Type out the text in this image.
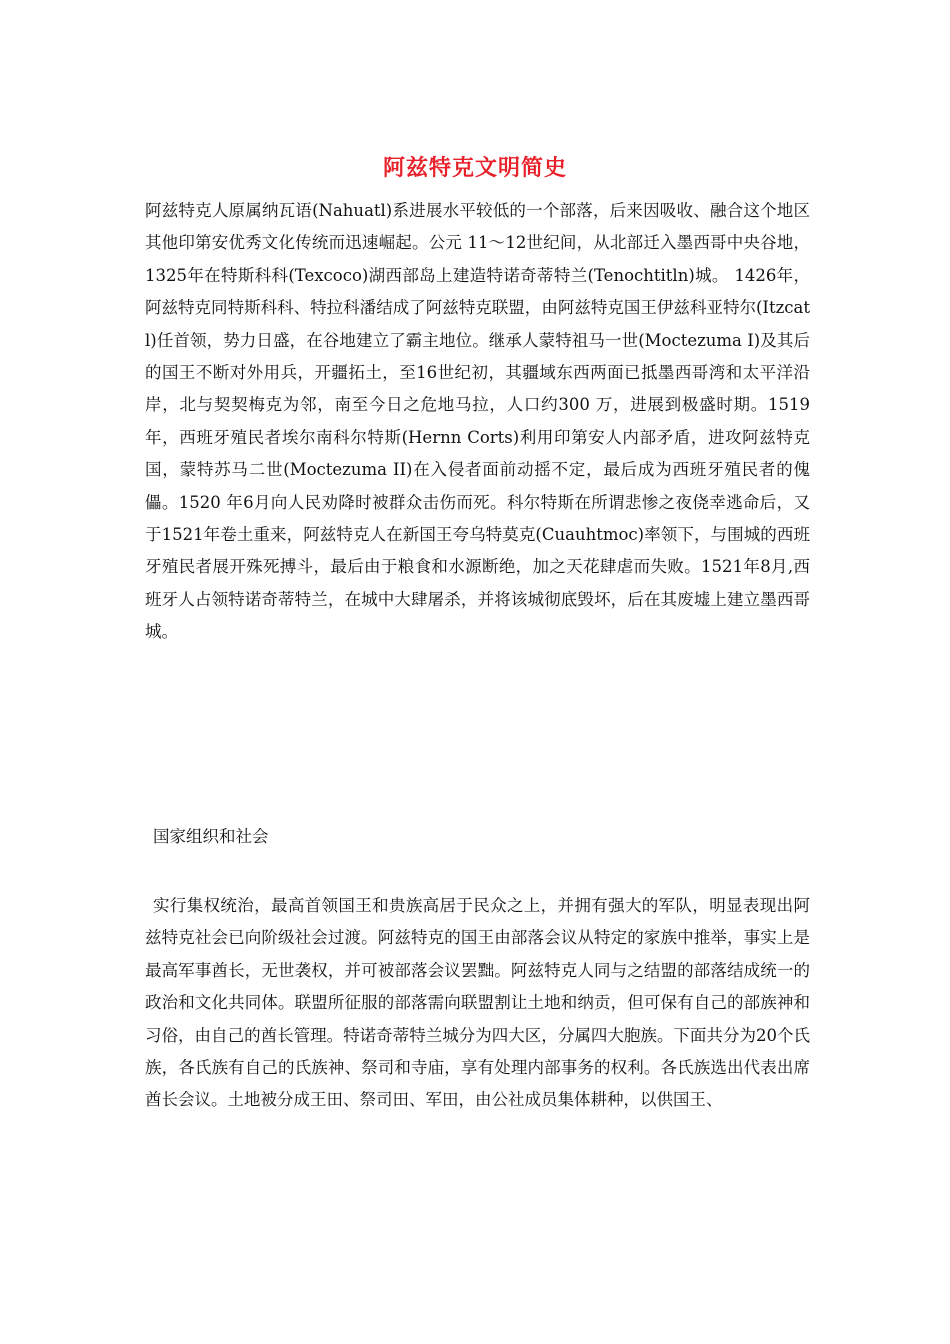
阿兹特克文明简史
阿兹特克人原属纳瓦语(Nahuatl)系进展水平较低的一个部落，后来因吸收、融合这个地区其他印第安优秀文化传统而迅速崛起。公元 11～12世纪间，从北部迁入墨西哥中央谷地，1325年在特斯科科(Texcoco)湖西部岛上建造特诺奇蒂特兰(Tenochtitln)城。 1426年，阿兹特克同特斯科科、特拉科潘结成了阿兹特克联盟，由阿兹特克国王伊兹科亚特尔(Itzcatl)任首领，势力日盛，在谷地建立了霸主地位。继承人蒙特祖马一世(Moctezuma I)及其后的国王不断对外用兵，开疆拓土，至16世纪初，其疆域东西两面已抵墨西哥湾和太平洋沿岸，北与契契梅克为邻，南至今日之危地马拉，人口约300 万，进展到极盛时期。1519年，西班牙殖民者埃尔南科尔特斯(Hernn Corts)利用印第安人内部矛盾，进攻阿兹特克国，蒙特苏马二世(Moctezuma II)在入侵者面前动摇不定，最后成为西班牙殖民者的傀儡。1520 年6月向人民劝降时被群众击伤而死。科尔特斯在所谓悲惨之夜侥幸逃命后，又于1521年卷土重来，阿兹特克人在新国王夸乌特莫克(Cuauhtmoc)率领下，与围城的西班牙殖民者展开殊死搏斗，最后由于粮食和水源断绝，加之天花肆虐而失败。1521年8月,西班牙人占领特诺奇蒂特兰，在城中大肆屠杀，并将该城彻底毁坏，后在其废墟上建立墨西哥城。
国家组织和社会
实行集权统治，最高首领国王和贵族高居于民众之上，并拥有强大的军队，明显表现出阿兹特克社会已向阶级社会过渡。阿兹特克的国王由部落会议从特定的家族中推举，事实上是最高军事酋长，无世袭权，并可被部落会议罢黜。阿兹特克人同与之结盟的部落结成统一的政治和文化共同体。联盟所征服的部落需向联盟割让土地和纳贡，但可保有自己的部族神和习俗，由自己的酋长管理。特诺奇蒂特兰城分为四大区，分属四大胞族。下面共分为20个氏族，各氏族有自己的氏族神、祭司和寺庙，享有处理内部事务的权利。各氏族选出代表出席酋长会议。土地被分成王田、祭司田、军田，由公社成员集体耕种，以供国王、
